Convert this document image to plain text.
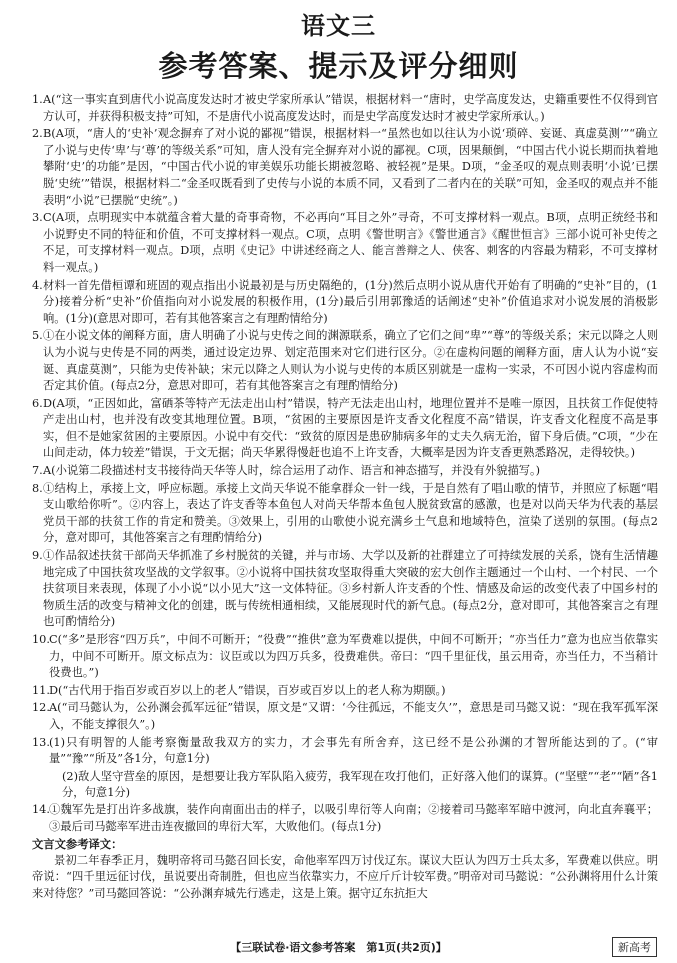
语文三
参考答案、提示及评分细则
1. A(“这一事实直到唐代小说高度发达时才被史学家所承认”错误，根据材料一“唐时，史学高度发达，史籍重要性不仅得到官方认可，并获得积极支持”可知，不是唐代小说高度发达时，而是史学高度发达时才被史学家所承认。)
2. B(A项，“唐人的‘史补’观念摒弃了对小说的鄙视”错误，根据材料一“虽然也如以往认为小说‘琐碎、妄诞、真虚莫测’”“确立了小说与史传‘卑’与‘尊’的等级关系”可知，唐人没有完全摒弃对小说的鄙视。C项，因果颠倒，“中国古代小说长期而执着地攀附‘史’的功能”是因，“中国古代小说的审美娱乐功能长期被忽略、被轻视”是果。D项，“金圣叹的观点则表明‘小说’已摆脱‘史统’”错误，根据材料二“金圣叹既看到了史传与小说的本质不同，又看到了二者内在的关联”可知，金圣叹的观点并不能表明“小说”已摆脱“史统”。)
3. C(A项，点明现实中本就蕴含着大量的奇事奇物，不必再向“耳目之外”寻奇，不可支撑材料一观点。B项，点明正统经书和小说野史不同的特征和价值，不可支撑材料一观点。C项，点明《警世明言》《警世通言》《醒世恒言》三部小说可补史传之不足，可支撑材料一观点。D项，点明《史记》中讲述经商之人、能言善辩之人、侠客、刺客的内容最为精彩，不可支撑材料一观点。)
4. 材料一首先借桓谭和班固的观点指出小说最初是与历史隔绝的，(1分)然后点明小说从唐代开始有了明确的“史补”目的，(1分)接着分析“史补”价值指向对小说发展的积极作用，(1分)最后引用郭豫适的话阐述“史补”价值追求对小说发展的消极影响。(1分)(意思对即可，若有其他答案言之有理酌情给分)
5. ①在小说文体的阐释方面，唐人明确了小说与史传之间的渊源联系，确立了它们之间“卑”“尊”的等级关系；宋元以降之人则认为小说与史传是不同的两类，通过设定边界、划定范围来对它们进行区分。②在虚构问题的阐释方面，唐人认为小说“妄诞、真虚莫测”，只能为史传补缺；宋元以降之人则认为小说与史传的本质区别就是一虚构一实录，不可因小说内容虚构而否定其价值。(每点2分，意思对即可，若有其他答案言之有理酌情给分)
6. D(A项，“正因如此，富硒茶等特产无法走出山村”错误，特产无法走出山村，地理位置并不是唯一原因，且扶贫工作促使特产走出山村，也并没有改变其地理位置。B项，“贫困的主要原因是许支香文化程度不高”错误，许支香文化程度不高是事实，但不是她家贫困的主要原因。小说中有交代：“致贫的原因是患矽肺病多年的丈夫久病无治，留下身后债。”C项，“少在山间走动，体力较差”错误，于文无据；尚天华累得慢赶也追不上许支香，大概率是因为许支香更熟悉路况，走得较快。)
7. A(小说第二段描述村支书接待尚天华等人时，综合运用了动作、语言和神态描写，并没有外貌描写。)
8. ①结构上，承接上文，呼应标题。承接上文尚天华说不能拿群众一针一线，于是自然有了唱山歌的情节，并照应了标题“唱支山歌给你听”。②内容上，表达了许支香等本鱼包人对尚天华帮本鱼包人脱贫致富的感激，也是对以尚天华为代表的基层党员干部的扶贫工作的肯定和赞美。③效果上，引用的山歌使小说充满乡土气息和地域特色，渲染了送别的氛围。(每点2分，意对即可，其他答案言之有理酌情给分)
9. ①作品叙述扶贫干部尚天华抓准了乡村脱贫的关键，并与市场、大学以及新的社群建立了可持续发展的关系，饶有生活情趣地完成了中国扶贫攻坚战的文学叙事。②小说将中国扶贫攻坚取得重大突破的宏大创作主题通过一个山村、一个村民、一个扶贫项目来表现，体现了小小说“以小见大”这一文体特征。③乡村新人许支香的个性、情感及命运的改变代表了中国乡村的物质生活的改变与精神文化的创建，既与传统相通相续，又能展现时代的新气息。(每点2分，意对即可，其他答案言之有理也可酌情给分)
10. C(“多”是形容“四万兵”，中间不可断开；“役费”“推供”意为军费难以提供，中间不可断开；“亦当任力”意为也应当依靠实力，中间不可断开。原文标点为：议臣或以为四万兵多，役费难供。帝曰：“四千里征伐，虽云用奇，亦当任力，不当稍计役费也。”)
11. D(“古代用于指百岁或百岁以上的老人”错误，百岁或百岁以上的老人称为期颐。)
12. A(“司马懿认为，公孙渊会孤军远征”错误，原文是“又谓：‘今往孤远，不能支久’”，意思是司马懿又说：“现在我军孤军深入，不能支撑很久”。)
13. (1)只有明智的人能考察衡量敌我双方的实力，才会事先有所舍弃，这已经不是公孙渊的才智所能达到的了。(“审量”“豫”“所及”各1分，句意1分)
(2)敌人坚守营垒的原因，是想要让我方军队陷入疲劳，我军现在攻打他们，正好落入他们的谋算。(“坚壁”“老”“陋”各1分，句意1分)
14. ①魏军先是打出许多战旗，装作向南面出击的样子，以吸引卑衍等人向南；②接着司马懿率军暗中渡河，向北直奔襄平；③最后司马懿率军进击连夜撤回的卑衍大军，大败他们。(每点1分)
文言文参考译文：
景初二年春季正月，魏明帝将司马懿召回长安，命他率军四万讨伐辽东。谋议大臣认为四万士兵太多，军费难以供应。明帝说：“四千里远征讨伐，虽说要出奇制胜，但也应当依靠实力，不应斤斤计较军费。”明帝对司马懿说：“公孙渊将用什么计策来对待您？”司马懿回答说：“公孙渊弃城先行逃走，这是上策。据守辽东抗拒大
【三联试卷·语文参考答案　第1页(共2页)】	新高考
